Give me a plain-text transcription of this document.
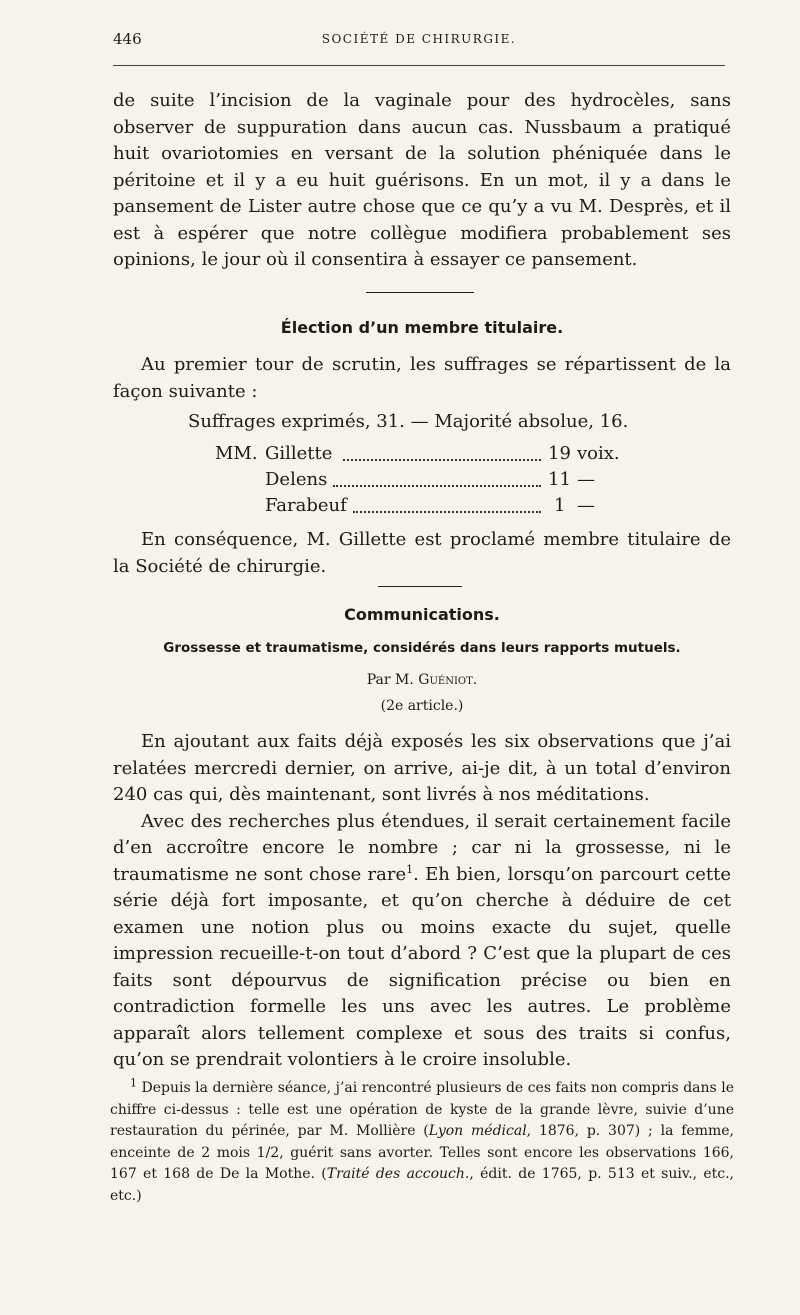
446	SOCIÉTÉ DE CHIRURGIE.

de suite l’incision de la vaginale pour des hydrocèles, sans observer de suppuration dans aucun cas. Nussbaum a pratiqué huit ovariotomies en versant de la solution phéniquée dans le péritoine et il y a eu huit guérisons. En un mot, il y a dans le pansement de Lister autre chose que ce qu’y a vu M. Desprès, et il est à espérer que notre collègue modifiera probablement ses opinions, le jour où il consentira à essayer ce pansement.

Élection d’un membre titulaire.

Au premier tour de scrutin, les suffrages se répartissent de la façon suivante :

Suffrages exprimés, 31. — Majorité absolue, 16.
MM. Gillette	19 voix.
Delens	11 —
Farabeuf	1 —

En conséquence, M. Gillette est proclamé membre titulaire de la Société de chirurgie.

Communications.
Grossesse et traumatisme, considérés dans leurs rapports mutuels.
Par M. Guéniot.
(2e article.)

En ajoutant aux faits déjà exposés les six observations que j’ai relatées mercredi dernier, on arrive, ai-je dit, à un total d’environ 240 cas qui, dès maintenant, sont livrés à nos méditations.

Avec des recherches plus étendues, il serait certainement facile d’en accroître encore le nombre ; car ni la grossesse, ni le traumatisme ne sont chose rare$^1$. Eh bien, lorsqu’on parcourt cette série déjà fort imposante, et qu’on cherche à déduire de cet examen une notion plus ou moins exacte du sujet, quelle impression recueille-t-on tout d’abord ? C’est que la plupart de ces faits sont dépourvus de signification précise ou bien en contradiction formelle les uns avec les autres. Le problème apparaît alors tellement complexe et sous des traits si confus, qu’on se prendrait volontiers à le croire insoluble.

$^1$ Depuis la dernière séance, j’ai rencontré plusieurs de ces faits non compris dans le chiffre ci-dessus : telle est une opération de kyste de la grande lèvre, suivie d’une restauration du périnée, par M. Mollière (Lyon médical, 1876, p. 307) ; la femme, enceinte de 2 mois 1/2, guérit sans avorter. Telles sont encore les observations 166, 167 et 168 de De la Mothe. (Traité des accouch., édit. de 1765, p. 513 et suiv., etc., etc.)
